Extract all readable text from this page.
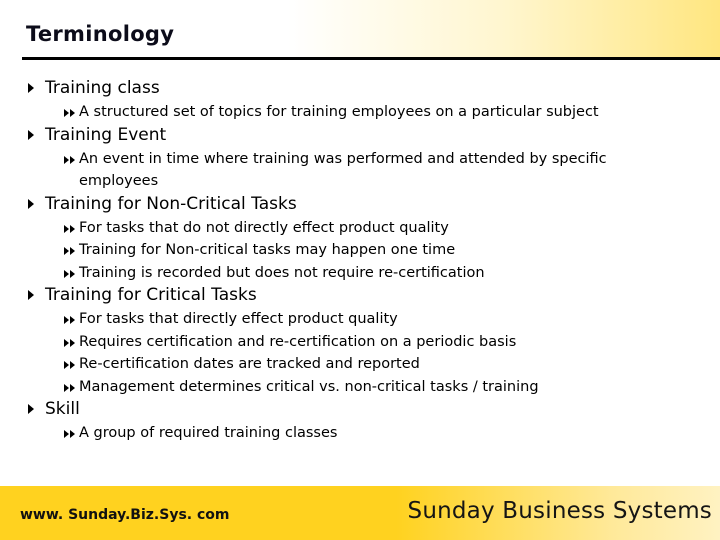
Terminology
Training class
A structured set of topics for training employees on a particular subject
Training Event
An event in time where training was performed and attended by specific employees
Training for Non-Critical Tasks
For tasks that do not directly effect product quality
Training for Non-critical tasks may happen one time
Training is recorded but does not require re-certification
Training for Critical Tasks
For tasks that directly effect product quality
Requires certification and re-certification on a periodic basis
Re-certification dates are tracked and reported
Management determines critical vs. non-critical tasks / training
Skill
A group of required training classes
www. Sunday.Biz.Sys. com	Sunday Business Systems
